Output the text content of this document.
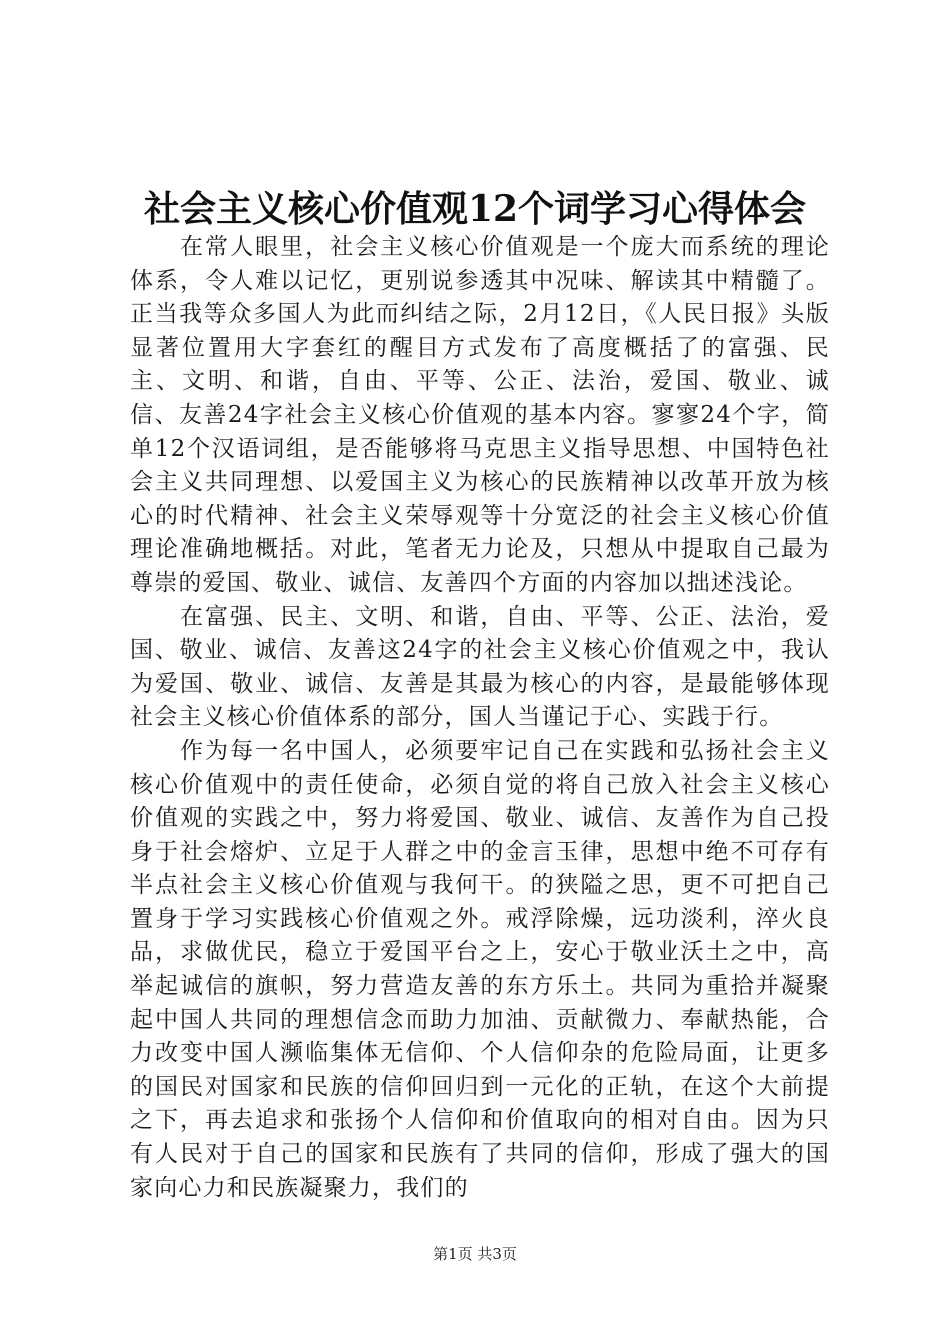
社会主义核心价值观12个词学习心得体会

在常人眼里，社会主义核心价值观是一个庞大而系统的理论体系，令人难以记忆，更别说参透其中况味、解读其中精髓了。正当我等众多国人为此而纠结之际，2月12日，《人民日报》头版显著位置用大字套红的醒目方式发布了高度概括了的富强、民主、文明、和谐，自由、平等、公正、法治，爱国、敬业、诚信、友善24字社会主义核心价值观的基本内容。寥寥24个字，简单12个汉语词组，是否能够将马克思主义指导思想、中国特色社会主义共同理想、以爱国主义为核心的民族精神以改革开放为核心的时代精神、社会主义荣辱观等十分宽泛的社会主义核心价值理论准确地概括。对此，笔者无力论及，只想从中提取自己最为尊崇的爱国、敬业、诚信、友善四个方面的内容加以拙述浅论。

在富强、民主、文明、和谐，自由、平等、公正、法治，爱国、敬业、诚信、友善这24字的社会主义核心价值观之中，我认为爱国、敬业、诚信、友善是其最为核心的内容，是最能够体现社会主义核心价值体系的部分，国人当谨记于心、实践于行。

作为每一名中国人，必须要牢记自己在实践和弘扬社会主义核心价值观中的责任使命，必须自觉的将自己放入社会主义核心价值观的实践之中，努力将爱国、敬业、诚信、友善作为自己投身于社会熔炉、立足于人群之中的金言玉律，思想中绝不可存有半点社会主义核心价值观与我何干。的狭隘之思，更不可把自己置身于学习实践核心价值观之外。戒浮除燥，远功淡利，淬火良品，求做优民，稳立于爱国平台之上，安心于敬业沃土之中，高举起诚信的旗帜，努力营造友善的东方乐土。共同为重拾并凝聚起中国人共同的理想信念而助力加油、贡献微力、奉献热能，合力改变中国人濒临集体无信仰、个人信仰杂的危险局面，让更多的国民对国家和民族的信仰回归到一元化的正轨，在这个大前提之下，再去追求和张扬个人信仰和价值取向的相对自由。因为只有人民对于自己的国家和民族有了共同的信仰，形成了强大的国家向心力和民族凝聚力，我们的

第1页 共3页
